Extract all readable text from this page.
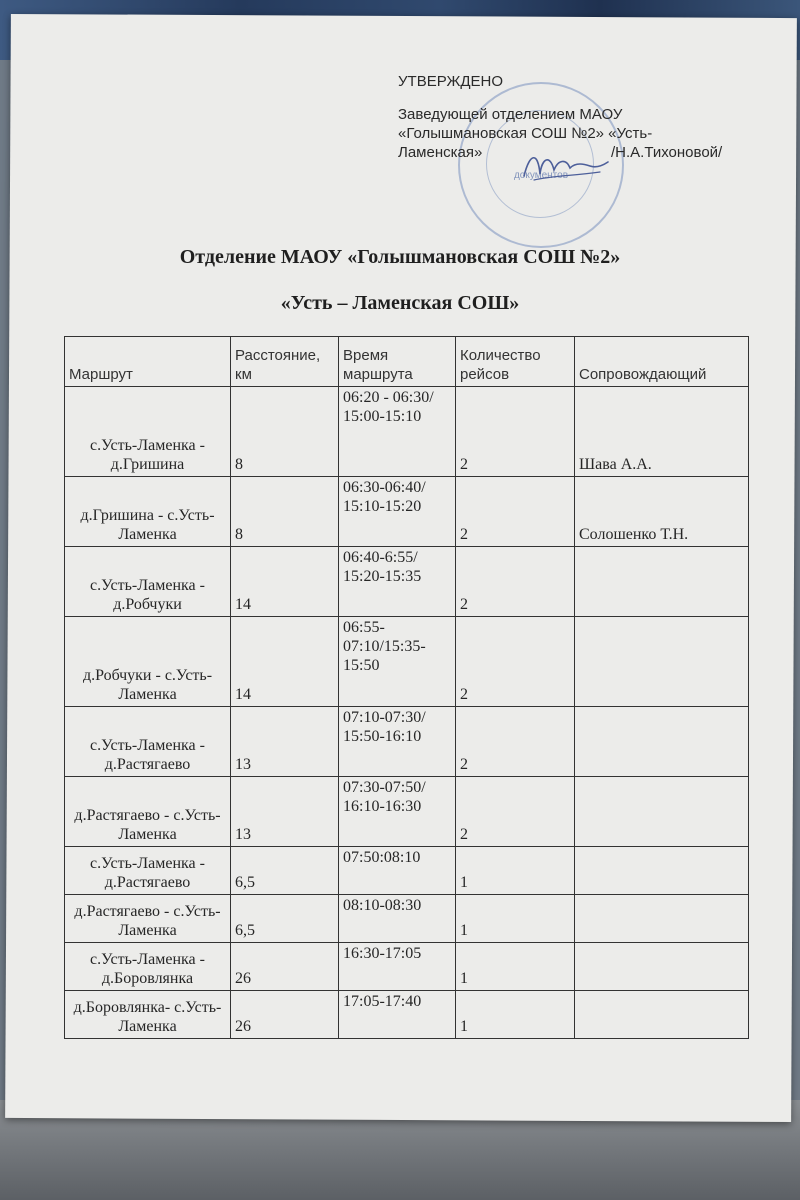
документов
УТВЕРЖДЕНО
Заведующей отделением МАОУ
«Голышмановская СОШ №2» «Усть-
Ламенская»	/Н.А.Тихоновой/
Отделение МАОУ «Голышмановская СОШ №2»
«Усть – Ламенская СОШ»
Маршрут	Расстояние, км	Время маршрута	Количество рейсов	Сопровождающий
с.Усть-Ламенка - д.Гришина	8	06:20 - 06:30/ 15:00-15:10	2	Шава А.А.
д.Гришина - с.Усть-Ламенка	8	06:30-06:40/ 15:10-15:20	2	Солошенко Т.Н.
с.Усть-Ламенка - д.Робчуки	14	06:40-6:55/ 15:20-15:35	2	
д.Робчуки - с.Усть-Ламенка	14	06:55- 07:10/15:35- 15:50	2	
с.Усть-Ламенка - д.Растягаево	13	07:10-07:30/ 15:50-16:10	2	
д.Растягаево - с.Усть-Ламенка	13	07:30-07:50/ 16:10-16:30	2	
с.Усть-Ламенка - д.Растягаево	6,5	07:50:08:10	1	
д.Растягаево - с.Усть-Ламенка	6,5	08:10-08:30	1	
с.Усть-Ламенка - д.Боровлянка	26	16:30-17:05	1	
д.Боровлянка- с.Усть-Ламенка	26	17:05-17:40	1	
